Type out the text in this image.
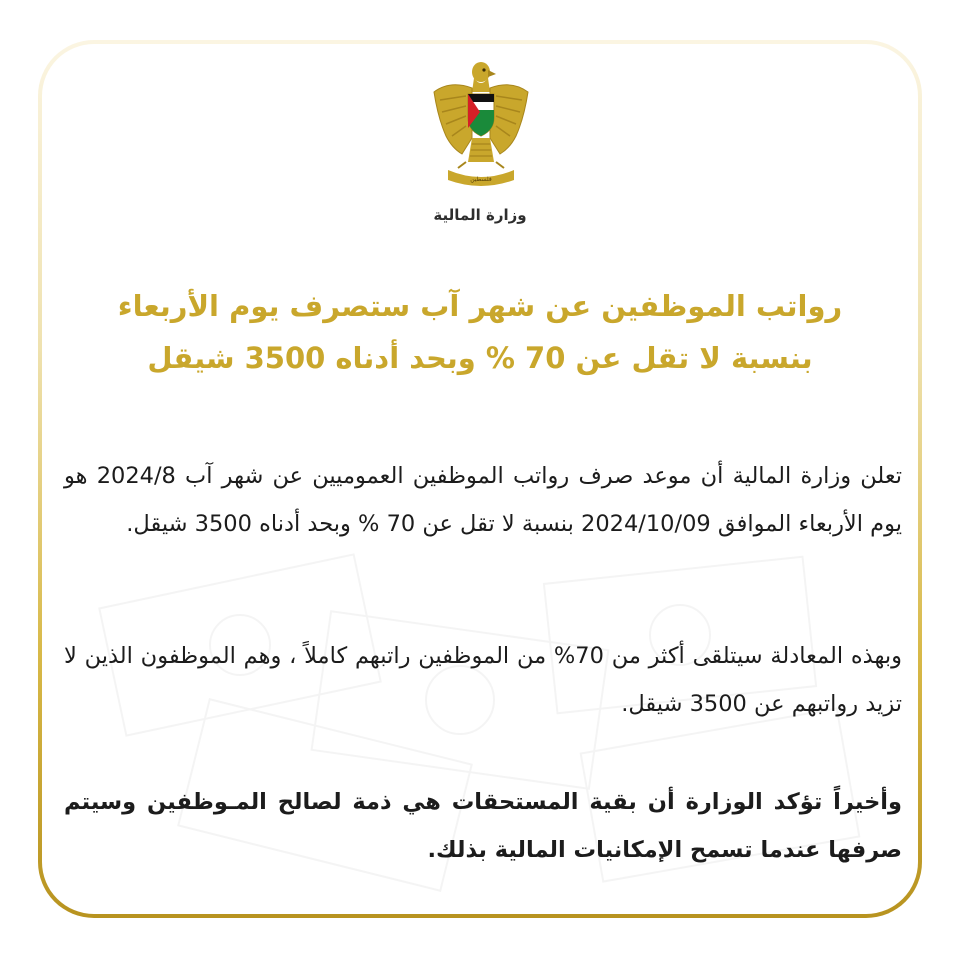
فلسطين
وزارة المالية
رواتب الموظفين عن شهر آب ستصرف يوم الأربعاء
بنسبة لا تقل عن 70 % وبحد أدناه 3500 شيقل

تعلن وزارة المالية أن موعد صرف رواتب الموظفين العموميين عن شهر آب 2024/8 هو يوم الأربعاء الموافق 2024/10/09 بنسبة لا تقل عن 70 % وبحد أدناه 3500 شيقل.

وبهذه المعادلة سيتلقى أكثر من 70% من الموظفين راتبهم كاملاً ، وهم الموظفون الذين لا تزيد رواتبهم عن 3500 شيقل.

وأخيراً تؤكد الوزارة أن بقية المستحقات هي ذمة لصالح المـوظفين وسيتم صرفها عندما تسمح الإمكانيات المالية بذلك.
